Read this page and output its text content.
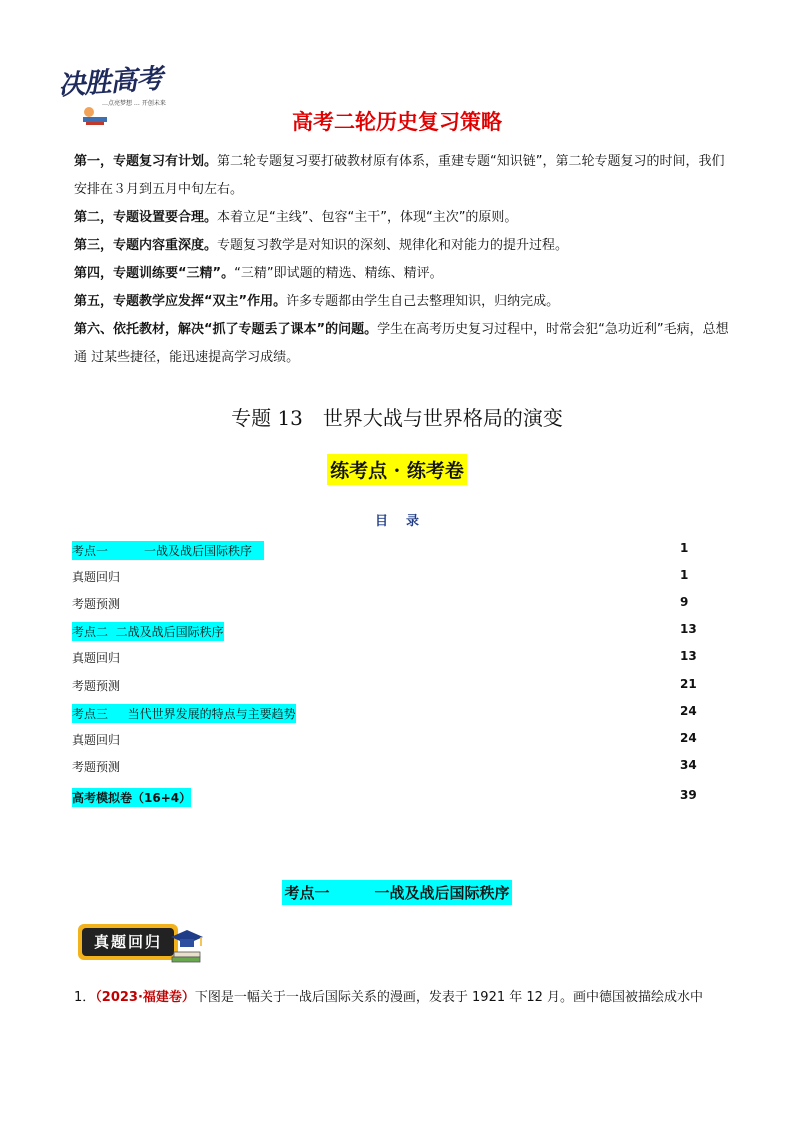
决胜高考
…点亮梦想 … 开创未来
高考二轮历史复习策略
第一，专题复习有计划。第二轮专题复习要打破教材原有体系，重建专题“知识链”，第二轮专题复习的时间，我们安排在３月到五月中旬左右。
第二，专题设置要合理。本着立足“主线”、包容“主干”，体现“主次”的原则。
第三，专题内容重深度。专题复习教学是对知识的深刻、规律化和对能力的提升过程。
第四，专题训练要“三精”。“三精”即试题的精选、精练、精评。
第五，专题教学应发挥“双主”作用。许多专题都由学生自己去整理知识，归纳完成。
第六、依托教材，解决“抓了专题丢了课本”的问题。学生在高考历史复习过程中，时常会犯“急功近利”毛病，总想通 过某些捷径，能迅速提高学习成绩。
专题 13　世界大战与世界格局的演变
练考点 · 练考卷
目录
考点一　　　一战及战后国际秩序　	1
真题回归	1
考题预测	9
考点二  二战及战后国际秩序	13
真题回归	13
考题预测	21
考点三　  当代世界发展的特点与主要趋势	24
真题回归	24
考题预测	34
高考模拟卷（16+4）	39
考点一　　　一战及战后国际秩序
真题回归
1．（2023·福建卷）下图是一幅关于一战后国际关系的漫画，发表于 1921 年 12 月。画中德国被描绘成水中
